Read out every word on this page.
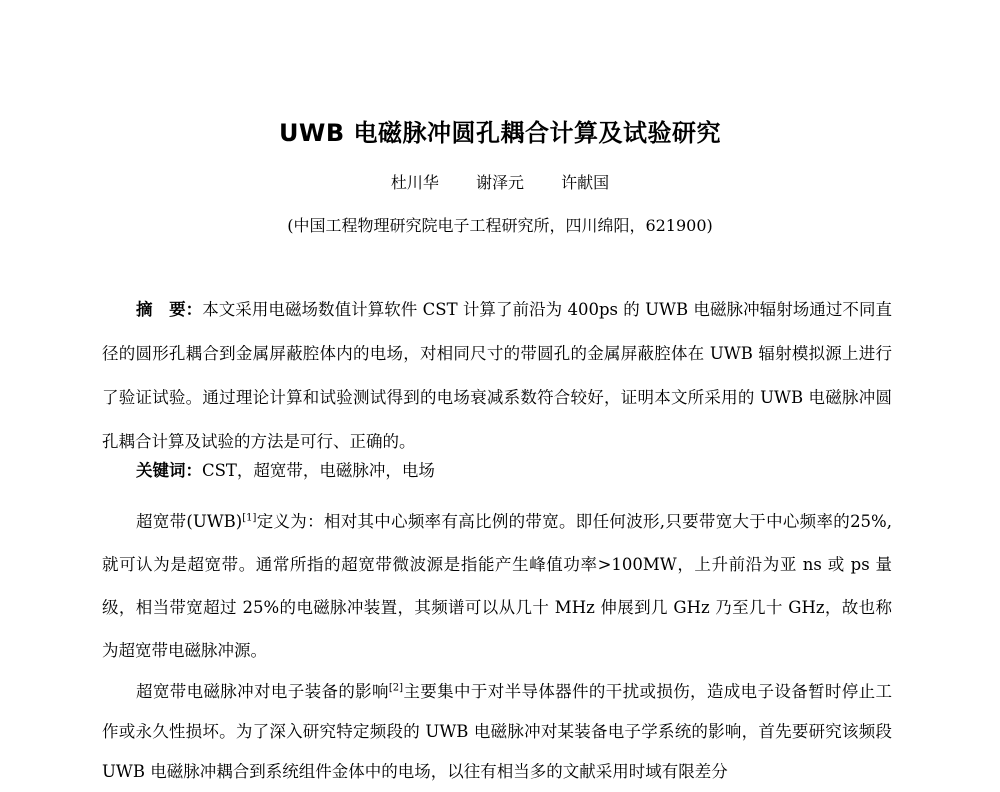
UWB 电磁脉冲圆孔耦合计算及试验研究
杜川华 谢泽元 许献国
(中国工程物理研究院电子工程研究所，四川绵阳，621900)
摘　要：本文采用电磁场数值计算软件 CST 计算了前沿为 400ps 的 UWB 电磁脉冲辐射场通过不同直径的圆形孔耦合到金属屏蔽腔体内的电场，对相同尺寸的带圆孔的金属屏蔽腔体在 UWB 辐射模拟源上进行了验证试验。通过理论计算和试验测试得到的电场衰减系数符合较好，证明本文所采用的 UWB 电磁脉冲圆孔耦合计算及试验的方法是可行、正确的。
关键词：CST，超宽带，电磁脉冲，电场
超宽带(UWB)[1]定义为：相对其中心频率有高比例的带宽。即任何波形,只要带宽大于中心频率的25%,就可认为是超宽带。通常所指的超宽带微波源是指能产生峰值功率>100MW，上升前沿为亚 ns 或 ps 量级，相当带宽超过 25%的电磁脉冲装置，其频谱可以从几十 MHz 伸展到几 GHz 乃至几十 GHz，故也称为超宽带电磁脉冲源。
超宽带电磁脉冲对电子装备的影响[2]主要集中于对半导体器件的干扰或损伤，造成电子设备暂时停止工作或永久性损坏。为了深入研究特定频段的 UWB 电磁脉冲对某装备电子学系统的影响，首先要研究该频段 UWB 电磁脉冲耦合到系统组件金体中的电场，以往有相当多的文献采用时域有限差分
